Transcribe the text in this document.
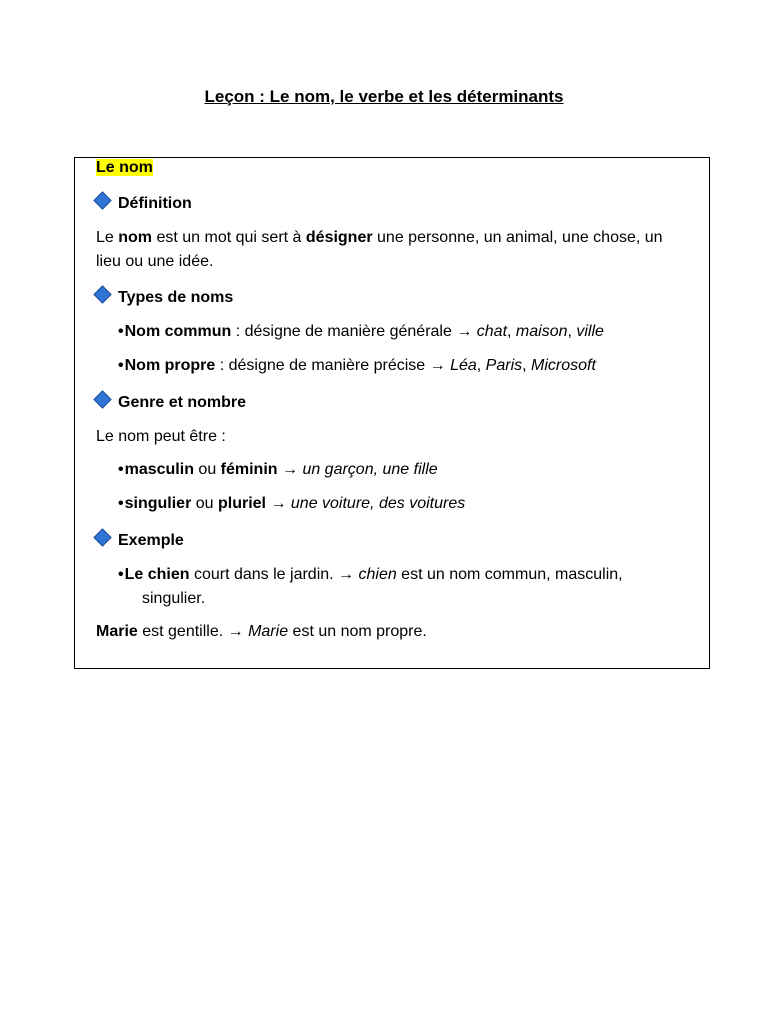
Leçon : Le nom, le verbe et les déterminants
Le nom
Définition
Le nom est un mot qui sert à désigner une personne, un animal, une chose, un
lieu ou une idée.
Types de noms
•Nom commun : désigne de manière générale → chat, maison, ville
•Nom propre : désigne de manière précise → Léa, Paris, Microsoft
Genre et nombre
Le nom peut être :
•masculin ou féminin → un garçon, une fille
•singulier ou pluriel → une voiture, des voitures
Exemple
•Le chien court dans le jardin. → chien est un nom commun, masculin,
singulier.
Marie est gentille. → Marie est un nom propre.
